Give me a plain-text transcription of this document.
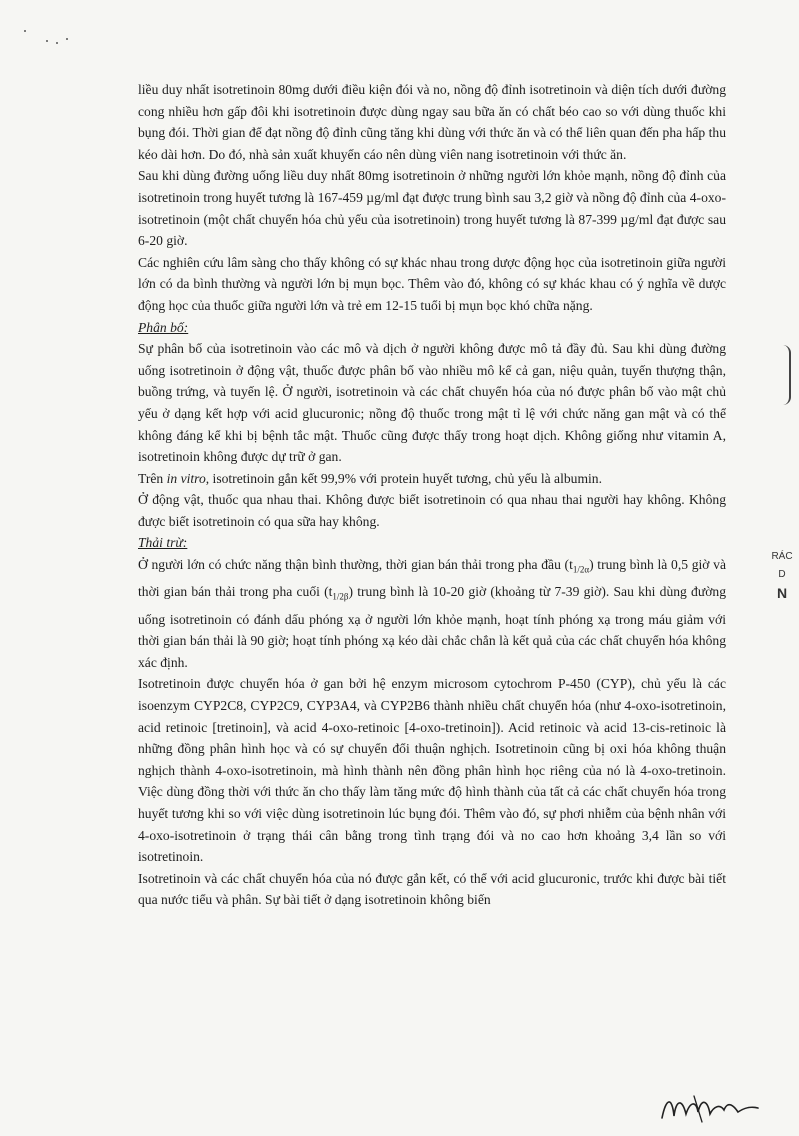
liều duy nhất isotretinoin 80mg dưới điều kiện đói và no, nồng độ đỉnh isotretinoin và diện tích dưới đường cong nhiều hơn gấp đôi khi isotretinoin được dùng ngay sau bữa ăn có chất béo cao so với dùng thuốc khi bụng đói. Thời gian để đạt nồng độ đỉnh cũng tăng khi dùng với thức ăn và có thể liên quan đến pha hấp thu kéo dài hơn. Do đó, nhà sản xuất khuyến cáo nên dùng viên nang isotretinoin với thức ăn.

Sau khi dùng đường uống liều duy nhất 80mg isotretinoin ở những người lớn khỏe mạnh, nồng độ đỉnh của isotretinoin trong huyết tương là 167-459 µg/ml đạt được trung bình sau 3,2 giờ và nồng độ đỉnh của 4-oxo-isotretinoin (một chất chuyển hóa chủ yếu của isotretinoin) trong huyết tương là 87-399 µg/ml đạt được sau 6-20 giờ.

Các nghiên cứu lâm sàng cho thấy không có sự khác nhau trong dược động học của isotretinoin giữa người lớn có da bình thường và người lớn bị mụn bọc. Thêm vào đó, không có sự khác khau có ý nghĩa về dược động học của thuốc giữa người lớn và trẻ em 12-15 tuổi bị mụn bọc khó chữa nặng.

Phân bố:

Sự phân bố của isotretinoin vào các mô và dịch ở người không được mô tả đầy đủ. Sau khi dùng đường uống isotretinoin ở động vật, thuốc được phân bố vào nhiều mô kể cả gan, niệu quản, tuyến thượng thận, buồng trứng, và tuyến lệ. Ở người, isotretinoin và các chất chuyển hóa của nó được phân bố vào mật chủ yếu ở dạng kết hợp với acid glucuronic; nồng độ thuốc trong mật tỉ lệ với chức năng gan mật và có thể không đáng kể khi bị bệnh tắc mật. Thuốc cũng được thấy trong hoạt dịch. Không giống như vitamin A, isotretinoin không được dự trữ ở gan.

Trên in vitro, isotretinoin gắn kết 99,9% với protein huyết tương, chủ yếu là albumin.

Ở động vật, thuốc qua nhau thai. Không được biết isotretinoin có qua nhau thai người hay không. Không được biết isotretinoin có qua sữa hay không.

Thải trừ:

Ở người lớn có chức năng thận bình thường, thời gian bán thải trong pha đầu $(t_{1/2\alpha})$ trung bình là 0,5 giờ và thời gian bán thải trong pha cuối $(t_{1/2\beta})$ trung bình là 10-20 giờ (khoảng từ 7-39 giờ). Sau khi dùng đường uống isotretinoin có đánh dấu phóng xạ ở người lớn khỏe mạnh, hoạt tính phóng xạ trong máu giảm với thời gian bán thải là 90 giờ; hoạt tính phóng xạ kéo dài chắc chắn là kết quả của các chất chuyển hóa không xác định.

Isotretinoin được chuyển hóa ở gan bởi hệ enzym microsom cytochrom P-450 (CYP), chủ yếu là các isoenzym CYP2C8, CYP2C9, CYP3A4, và CYP2B6 thành nhiều chất chuyển hóa (như 4-oxo-isotretinoin, acid retinoic [tretinoin], và acid 4-oxo-retinoic [4-oxo-tretinoin]). Acid retinoic và acid 13-cis-retinoic là những đồng phân hình học và có sự chuyển đổi thuận nghịch. Isotretinoin cũng bị oxi hóa không thuận nghịch thành 4-oxo-isotretinoin, mà hình thành nên đồng phân hình học riêng của nó là 4-oxo-tretinoin. Việc dùng đồng thời với thức ăn cho thấy làm tăng mức độ hình thành của tất cả các chất chuyển hóa trong huyết tương khi so với việc dùng isotretinoin lúc bụng đói. Thêm vào đó, sự phơi nhiễm của bệnh nhân với 4-oxo-isotretinoin ở trạng thái cân bằng trong tình trạng đói và no cao hơn khoảng 3,4 lần so với isotretinoin.

Isotretinoin và các chất chuyển hóa của nó được gắn kết, có thể với acid glucuronic, trước khi được bài tiết qua nước tiểu và phân. Sự bài tiết ở dạng isotretinoin không biến

RÁC
D
N
